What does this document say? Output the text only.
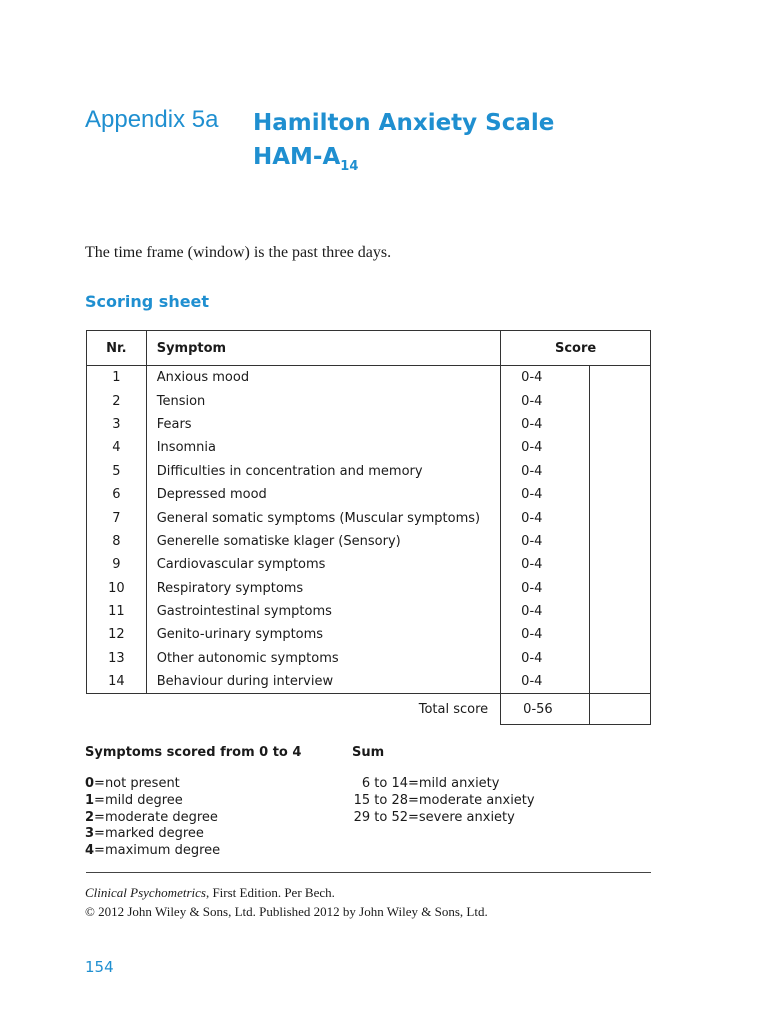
Appendix 5a Hamilton Anxiety Scale
HAM-$A_{14}$
The time frame (window) is the past three days.
Scoring sheet
Nr.	Symptom	Score	
1	Anxious mood	0-4	
2	Tension	0-4	
3	Fears	0-4	
4	Insomnia	0-4	
5	Difficulties in concentration and memory	0-4	
6	Depressed mood	0-4	
7	General somatic symptoms (Muscular symptoms)	0-4	
8	Generelle somatiske klager (Sensory)	0-4	
9	Cardiovascular symptoms	0-4	
10	Respiratory symptoms	0-4	
11	Gastrointestinal symptoms	0-4	
12	Genito-urinary symptoms	0-4	
13	Other autonomic symptoms	0-4	
14	Behaviour during interview	0-4	
Total score		0-56	
Symptoms scored from 0 to 4	Sum
0=not present
1=mild degree
2=moderate degree
3=marked degree
4=maximum degree
6 to 14=mild anxiety
15 to 28=moderate anxiety
29 to 52=severe anxiety
Clinical Psychometrics, First Edition. Per Bech.
© 2012 John Wiley & Sons, Ltd. Published 2012 by John Wiley & Sons, Ltd.
154
